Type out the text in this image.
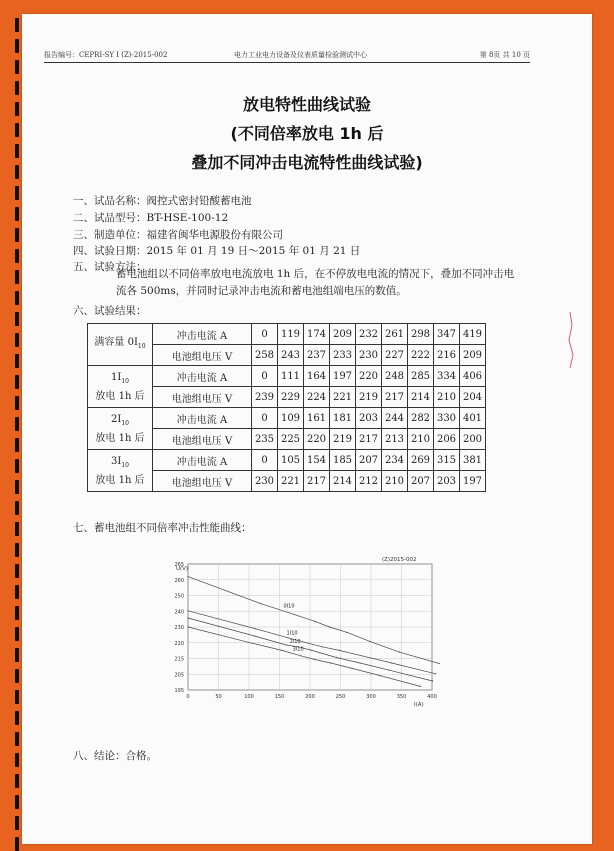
报告编号：CEPRI-SY I (Z)-2015-002	电力工业电力设备及仪表质量检验测试中心	第 8页 共 10 页
放电特性曲线试验
(不同倍率放电 1h 后
叠加不同冲击电流特性曲线试验)
一、试品名称：阀控式密封铅酸蓄电池
二、试品型号：BT-HSE-100-12
三、制造单位：福建省闽华电源股份有限公司
四、试验日期：2015 年 01 月 19 日～2015 年 01 月 21 日
五、试验方法：
蓄电池组以不同倍率放电电流放电 1h 后，在不停放电电流的情况下，叠加不同冲击电流各 500ms，并同时记录冲击电流和蓄电池组端电压的数值。
六、试验结果：
满容量 $0I_{10}$	冲击电流 A	0	119	174	209	232	261	298	347	419
	电池组电压 V	258	243	237	233	230	227	222	216	209

$1I_{10}$
放电 1h 后	冲击电流 A	0	111	164	197	220	248	285	334	406
	电池组电压 V	239	229	224	221	219	217	214	210	204

$2I_{10}$
放电 1h 后	冲击电流 A	0	109	161	181	203	244	282	330	401
	电池组电压 V	235	225	220	219	217	213	210	206	200

$3I_{10}$
放电 1h 后	冲击电流 A	0	105	154	185	207	234	269	315	381
	电池组电压 V	230	221	217	214	212	210	207	203	197
七、蓄电池组不同倍率冲击性能曲线：
265
260
250
240
230
220
215
205
195
0	50	100	150	200	250	300	350	400
U(V)
I(A)
(Z)2015-002
0I10
1I10
2I10
3I10
八、结论：合格。
